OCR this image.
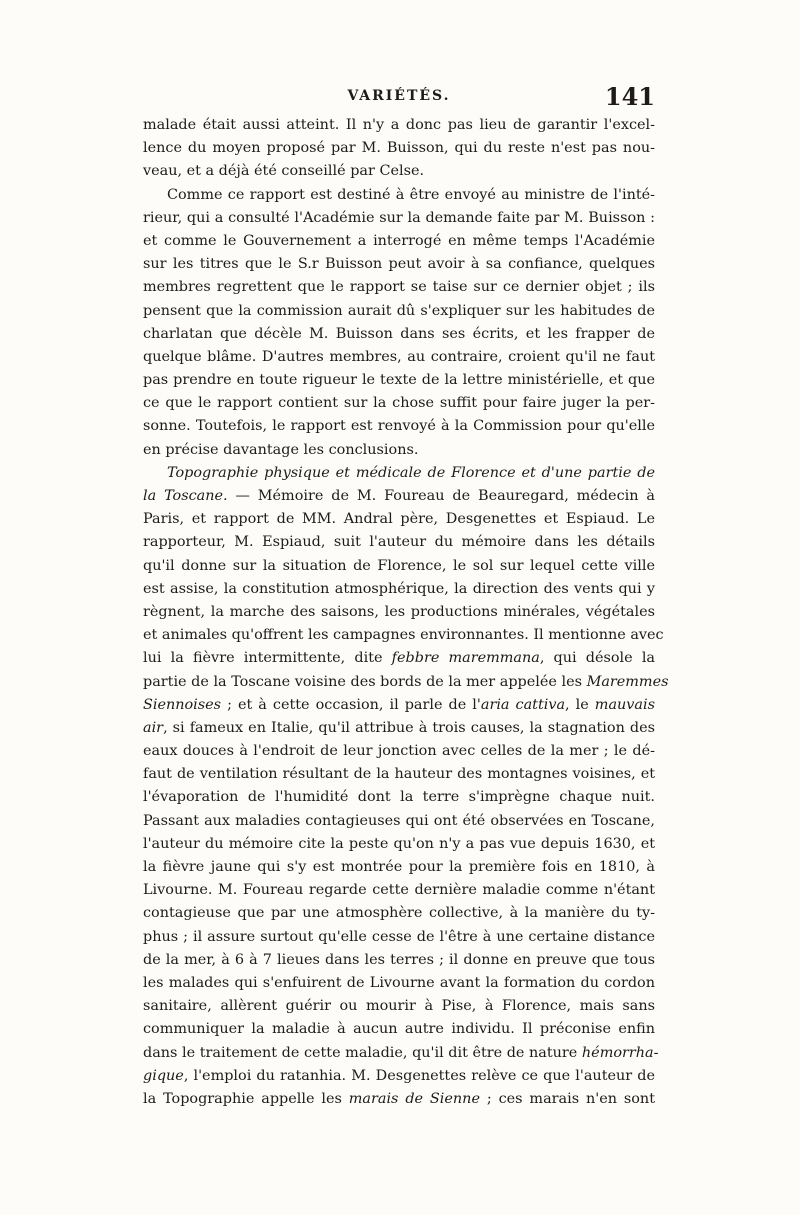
VARIÉTÉS.	141
malade était aussi atteint. Il n'y a donc pas lieu de garantir l'excel-
lence du moyen proposé par M. Buisson, qui du reste n'est pas nou-
veau, et a déjà été conseillé par Celse.
Comme ce rapport est destiné à être envoyé au ministre de l'inté-
rieur, qui a consulté l'Académie sur la demande faite par M. Buisson :
et comme le Gouvernement a interrogé en même temps l'Académie
sur les titres que le S.r Buisson peut avoir à sa confiance, quelques
membres regrettent que le rapport se taise sur ce dernier objet ; ils
pensent que la commission aurait dû s'expliquer sur les habitudes de
charlatan que décèle M. Buisson dans ses écrits, et les frapper de
quelque blâme. D'autres membres, au contraire, croient qu'il ne faut
pas prendre en toute rigueur le texte de la lettre ministérielle, et que
ce que le rapport contient sur la chose suffit pour faire juger la per-
sonne. Toutefois, le rapport est renvoyé à la Commission pour qu'elle
en précise davantage les conclusions.
Topographie physique et médicale de Florence et d'une partie de
la Toscane. — Mémoire de M. Foureau de Beauregard, médecin à
Paris, et rapport de MM. Andral père, Desgenettes et Espiaud. Le
rapporteur, M. Espiaud, suit l'auteur du mémoire dans les détails
qu'il donne sur la situation de Florence, le sol sur lequel cette ville
est assise, la constitution atmosphérique, la direction des vents qui y
règnent, la marche des saisons, les productions minérales, végétales
et animales qu'offrent les campagnes environnantes. Il mentionne avec
lui la fièvre intermittente, dite febbre maremmana, qui désole la
partie de la Toscane voisine des bords de la mer appelée les Maremmes
Siennoises ; et à cette occasion, il parle de l'aria cattiva, le mauvais
air, si fameux en Italie, qu'il attribue à trois causes, la stagnation des
eaux douces à l'endroit de leur jonction avec celles de la mer ; le dé-
faut de ventilation résultant de la hauteur des montagnes voisines, et
l'évaporation de l'humidité dont la terre s'imprègne chaque nuit.
Passant aux maladies contagieuses qui ont été observées en Toscane,
l'auteur du mémoire cite la peste qu'on n'y a pas vue depuis 1630, et
la fièvre jaune qui s'y est montrée pour la première fois en 1810, à
Livourne. M. Foureau regarde cette dernière maladie comme n'étant
contagieuse que par une atmosphère collective, à la manière du ty-
phus ; il assure surtout qu'elle cesse de l'être à une certaine distance
de la mer, à 6 à 7 lieues dans les terres ; il donne en preuve que tous
les malades qui s'enfuirent de Livourne avant la formation du cordon
sanitaire, allèrent guérir ou mourir à Pise, à Florence, mais sans
communiquer la maladie à aucun autre individu. Il préconise enfin
dans le traitement de cette maladie, qu'il dit être de nature hémorrha-
gique, l'emploi du ratanhia. M. Desgenettes relève ce que l'auteur de
la Topographie appelle les marais de Sienne ; ces marais n'en sont
